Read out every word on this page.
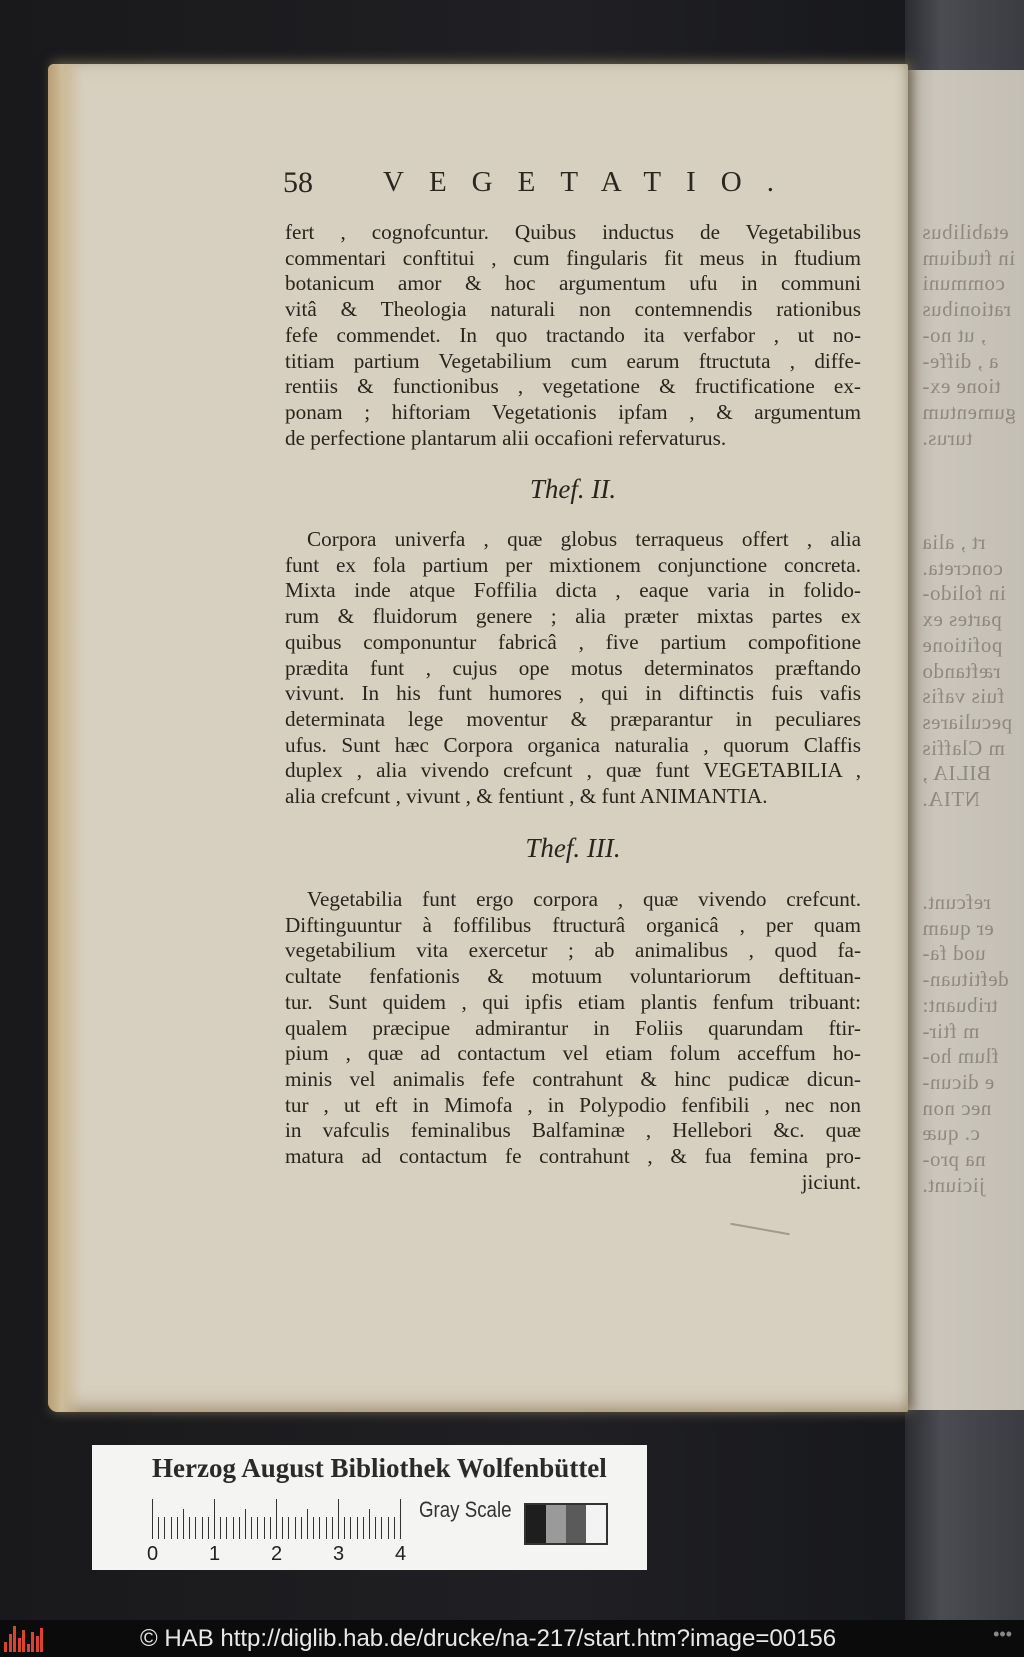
etabilibus
in ftudium
communi
rationibus
, ut no-
a , diffe-
tione ex-
gumentum
turus.
rt , alia
concreta.
in folido-
partes ex
pofitione
ræftando
fuis vafis
peculiares
m Claffis
BILIA ,
NTIA.
refcunt.
er quam
uod fa-
deftituan-
tribuant:
m ftir-
flum ho-
e dicun-
nec non
c. quæ
na pro-
jiciunt.
58 VEGETATIO.
fert , cognofcuntur. Quibus inductus de Vegetabilibus
commentari conftitui , cum fingularis fit meus in ftudium
botanicum amor & hoc argumentum ufu in communi
vitâ & Theologia naturali non contemnendis rationibus
fefe commendet. In quo tractando ita verfabor , ut no-
titiam partium Vegetabilium cum earum ftructuta , diffe-
rentiis & functionibus , vegetatione & fructificatione ex-
ponam ; hiftoriam Vegetationis ipfam , & argumentum
de perfectione plantarum alii occafioni refervaturus.
Thef. II.
Corpora univerfa , quæ globus terraqueus offert , alia
funt ex fola partium per mixtionem conjunctione concreta.
Mixta inde atque Foffilia dicta , eaque varia in folido-
rum & fluidorum genere ; alia præter mixtas partes ex
quibus componuntur fabricâ , five partium compofitione
prædita funt , cujus ope motus determinatos præftando
vivunt. In his funt humores , qui in diftinctis fuis vafis
determinata lege moventur & præparantur in peculiares
ufus. Sunt hæc Corpora organica naturalia , quorum Claffis
duplex , alia vivendo crefcunt , quæ funt VEGETABILIA ,
alia crefcunt , vivunt , & fentiunt , & funt ANIMANTIA.
Thef. III.
Vegetabilia funt ergo corpora , quæ vivendo crefcunt.
Diftinguuntur à foffilibus ftructurâ organicâ , per quam
vegetabilium vita exercetur ; ab animalibus , quod fa-
cultate fenfationis & motuum voluntariorum deftituan-
tur. Sunt quidem , qui ipfis etiam plantis fenfum tribuant:
qualem præcipue admirantur in Foliis quarundam ftir-
pium , quæ ad contactum vel etiam folum acceffum ho-
minis vel animalis fefe contrahunt & hinc pudicæ dicun-
tur , ut eft in Mimofa , in Polypodio fenfibili , nec non
in vafculis feminalibus Balfaminæ , Hellebori &c. quæ
matura ad contactum fe contrahunt , & fua femina pro-
jiciunt.
Herzog August Bibliothek Wolfenbüttel
0	1	2	3	4
Gray Scale
© HAB http://diglib.hab.de/drucke/na-217/start.htm?image=00156	•••
